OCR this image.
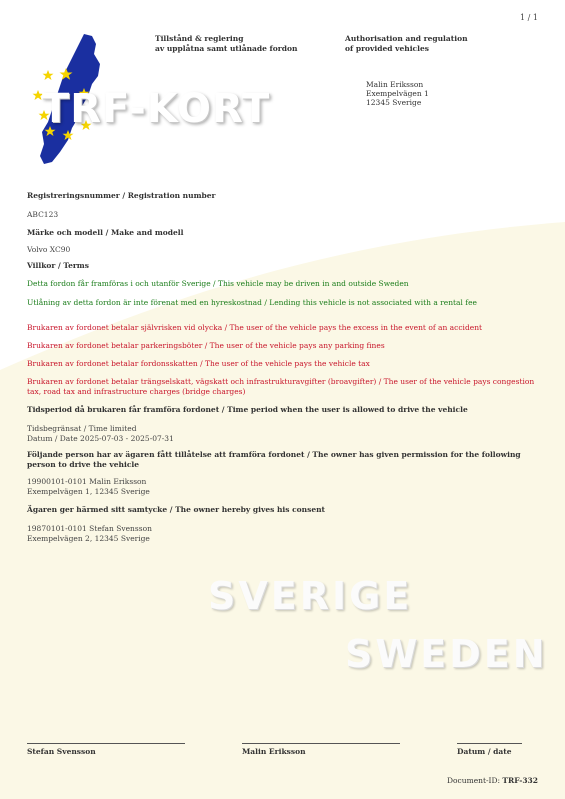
1 / 1
TRF-KORT
Tillstånd & reglering
av upplåtna samt utlånade fordon
Authorisation and regulation
of provided vehicles
Malin Eriksson
Exempelvägen 1
12345 Sverige
Registreringsnummer / Registration number
ABC123
Märke och modell / Make and modell
Volvo XC90
Villkor / Terms
Detta fordon får framföras i och utanför Sverige / This vehicle may be driven in and outside Sweden
Utlåning av detta fordon är inte förenat med en hyreskostnad / Lending this vehicle is not associated with a rental fee
Brukaren av fordonet betalar självrisken vid olycka / The user of the vehicle pays the excess in the event of an accident
Brukaren av fordonet betalar parkeringsböter / The user of the vehicle pays any parking fines
Brukaren av fordonet betalar fordonsskatten / The user of the vehicle pays the vehicle tax
Brukaren av fordonet betalar trängselskatt, vägskatt och infrastrukturavgifter (broavgifter) / The user of the vehicle pays congestion tax, road tax and infrastructure charges (bridge charges)
Tidsperiod då brukaren får framföra fordonet / Time period when the user is allowed to drive the vehicle
Tidsbegränsat / Time limited
Datum / Date 2025-07-03 - 2025-07-31
Följande person har av ägaren fått tillåtelse att framföra fordonet / The owner has given permission for the following person to drive the vehicle
19900101-0101 Malin Eriksson
Exempelvägen 1, 12345 Sverige
Ägaren ger härmed sitt samtycke / The owner hereby gives his consent
19870101-0101 Stefan Svensson
Exempelvägen 2, 12345 Sverige
SVERIGE
SWEDEN
Stefan Svensson	Malin Eriksson	Datum / date
Document-ID: TRF-332
